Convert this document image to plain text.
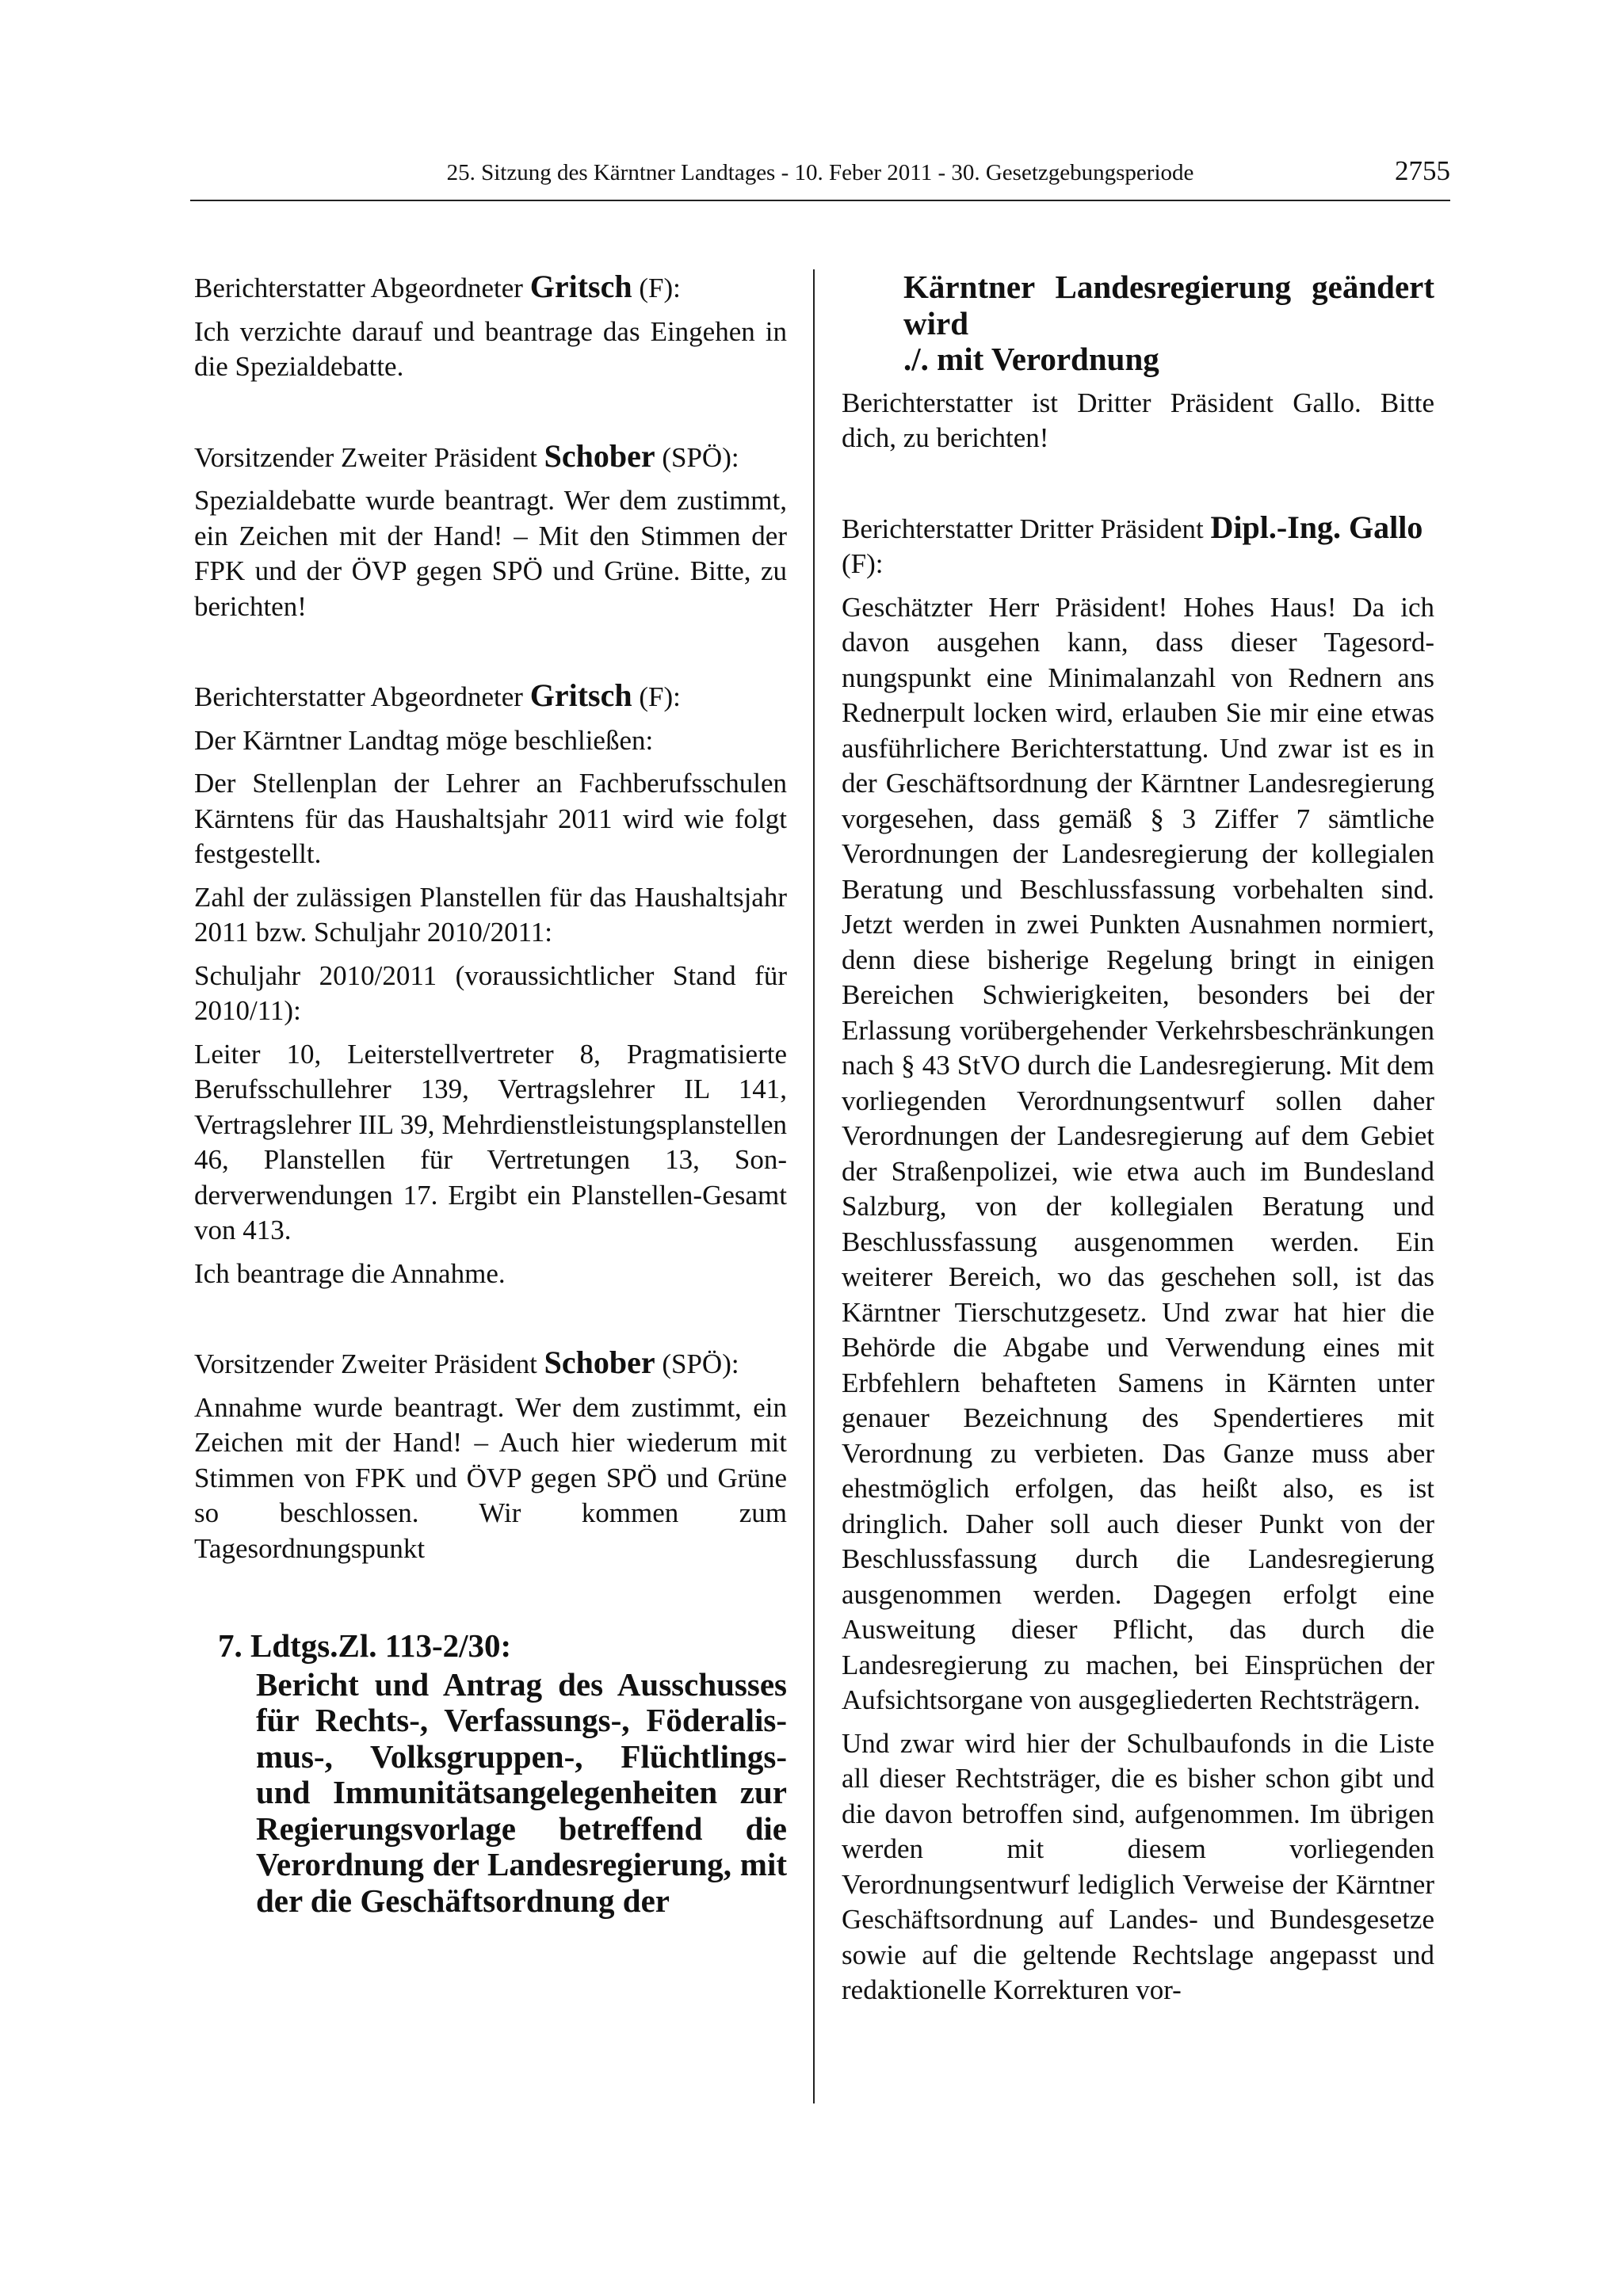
25. Sitzung des Kärntner Landtages - 10. Feber 2011 - 30. Gesetzgebungsperiode	2755
Berichterstatter Abgeordneter Gritsch (F):

Ich verzichte darauf und beantrage das Eingehen in die Spezialdebatte.

Vorsitzender Zweiter Präsident Schober (SPÖ):

Spezialdebatte wurde beantragt. Wer dem zustimmt, ein Zeichen mit der Hand! – Mit den Stimmen der FPK und der ÖVP gegen SPÖ und Grüne. Bitte, zu berichten!

Berichterstatter Abgeordneter Gritsch (F):

Der Kärntner Landtag möge beschließen:

Der Stellenplan der Lehrer an Fachberufsschulen Kärntens für das Haushaltsjahr 2011 wird wie folgt festgestellt.

Zahl der zulässigen Planstellen für das Haushaltsjahr 2011 bzw. Schuljahr 2010/2011:

Schuljahr 2010/2011 (voraussichtlicher Stand für 2010/11):

Leiter 10, Leiterstellvertreter 8, Pragmatisierte Berufsschullehrer 139, Vertragslehrer IL 141, Vertragslehrer IIL 39, Mehrdienstleistungsplanstellen 46, Planstellen für Vertretungen 13, Sonderverwendungen 17. Ergibt ein Planstellen-Gesamt von 413.

Ich beantrage die Annahme.

Vorsitzender Zweiter Präsident Schober (SPÖ):

Annahme wurde beantragt. Wer dem zustimmt, ein Zeichen mit der Hand! – Auch hier wiederum mit Stimmen von FPK und ÖVP gegen SPÖ und Grüne so beschlossen. Wir kommen zum Tagesordnungspunkt

7. Ldtgs.Zl. 113-2/30:
Bericht und Antrag des Ausschusses für Rechts-, Verfassungs-, Föderalismus-, Volksgruppen-, Flüchtlings- und Immunitätsangelegenheiten zur Regierungsvorlage betreffend die Verordnung der Landesregierung, mit der die Geschäftsordnung der
Kärntner Landesregierung geändert wird
./. mit Verordnung

Berichterstatter ist Dritter Präsident Gallo. Bitte dich, zu berichten!

Berichterstatter Dritter Präsident Dipl.-Ing. Gallo (F):

Geschätzter Herr Präsident! Hohes Haus! Da ich davon ausgehen kann, dass dieser Tagesordnungspunkt eine Minimalanzahl von Rednern ans Rednerpult locken wird, erlauben Sie mir eine etwas ausführlichere Berichterstattung. Und zwar ist es in der Geschäftsordnung der Kärntner Landesregierung vorgesehen, dass gemäß § 3 Ziffer 7 sämtliche Verordnungen der Landesregierung der kollegialen Beratung und Beschlussfassung vorbehalten sind. Jetzt werden in zwei Punkten Ausnahmen normiert, denn diese bisherige Regelung bringt in einigen Bereichen Schwierigkeiten, besonders bei der Erlassung vorübergehender Verkehrsbeschränkungen nach § 43 StVO durch die Landesregierung. Mit dem vorliegenden Verordnungsentwurf sollen daher Verordnungen der Landesregierung auf dem Gebiet der Straßenpolizei, wie etwa auch im Bundesland Salzburg, von der kollegialen Beratung und Beschlussfassung ausgenommen werden. Ein weiterer Bereich, wo das geschehen soll, ist das Kärntner Tierschutzgesetz. Und zwar hat hier die Behörde die Abgabe und Verwendung eines mit Erbfehlern behafteten Samens in Kärnten unter genauer Bezeichnung des Spendertieres mit Verordnung zu verbieten. Das Ganze muss aber ehestmöglich erfolgen, das heißt also, es ist dringlich. Daher soll auch dieser Punkt von der Beschlussfassung durch die Landesregierung ausgenommen werden. Dagegen erfolgt eine Ausweitung dieser Pflicht, das durch die Landesregierung zu machen, bei Einsprüchen der Aufsichtsorgane von ausgegliederten Rechtsträgern.

Und zwar wird hier der Schulbaufonds in die Liste all dieser Rechtsträger, die es bisher schon gibt und die davon betroffen sind, aufgenommen. Im übrigen werden mit diesem vorliegenden Verordnungsentwurf lediglich Verweise der Kärntner Geschäftsordnung auf Landes- und Bundesgesetze sowie auf die geltende Rechtslage angepasst und redaktionelle Korrekturen vor-
